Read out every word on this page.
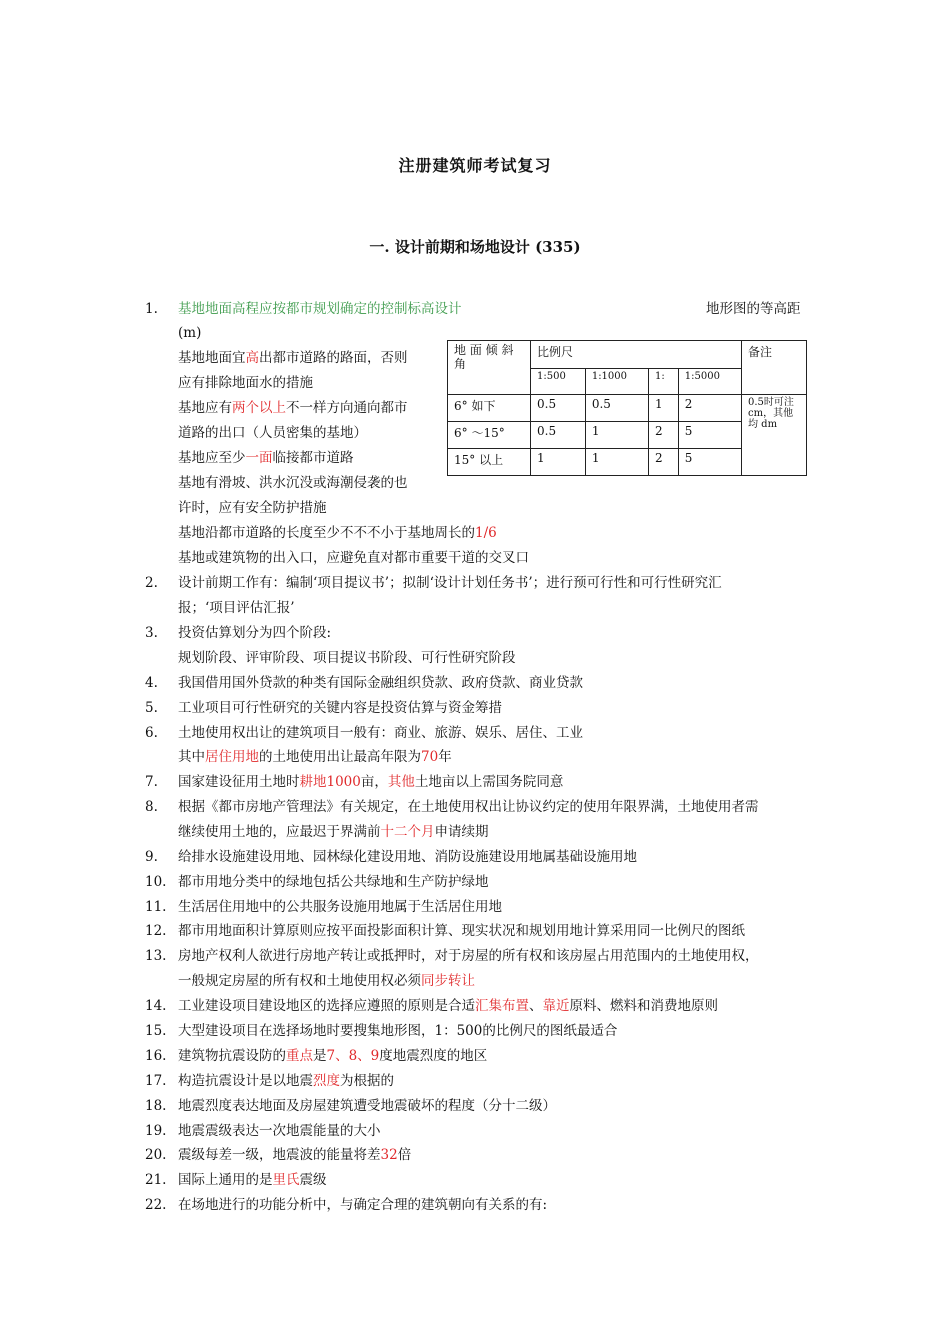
注册建筑师考试复习
一. 设计前期和场地设计 (335)
1. 基地地面高程应按都市规划确定的控制标高设计	地形图的等高距
(m)
基地地面宜高出都市道路的路面，否则
应有排除地面水的措施
基地应有两个以上不一样方向通向都市
道路的出口（人员密集的基地）
基地应至少一面临接都市道路
基地有滑坡、洪水沉没或海潮侵袭的也
许时，应有安全防护措施
基地沿都市道路的长度至少不不不小于基地周长的1/6
基地或建筑物的出入口，应避免直对都市重要干道的交叉口
地 面 倾 斜 角	比例尺				备注
	1:500	1:1000	1:	1:5000	
6° 如下	0.5	0.5	1	2	0.5时可注 cm，其他均 dm
6° ～15°	0.5	1	2	5	
15° 以上	1	1	2	5	
2. 设计前期工作有：编制‘项目提议书’；拟制‘设计计划任务书’；进行预可行性和可行性研究汇
报；‘项目评估汇报’
3. 投资估算划分为四个阶段:
规划阶段、评审阶段、项目提议书阶段、可行性研究阶段
4. 我国借用国外贷款的种类有国际金融组织贷款、政府贷款、商业贷款
5. 工业项目可行性研究的关键内容是投资估算与资金筹措
6. 土地使用权出让的建筑项目一般有：商业、旅游、娱乐、居住、工业
其中居住用地的土地使用出让最高年限为70年
7. 国家建设征用土地时耕地1000亩，其他土地亩以上需国务院同意
8. 根据《都市房地产管理法》有关规定，在土地使用权出让协议约定的使用年限界满，土地使用者需
继续使用土地的，应最迟于界满前十二个月申请续期
9. 给排水设施建设用地、园林绿化建设用地、消防设施建设用地属基础设施用地
10. 都市用地分类中的绿地包括公共绿地和生产防护绿地
11. 生活居住用地中的公共服务设施用地属于生活居住用地
12. 都市用地面积计算原则应按平面投影面积计算、现实状况和规划用地计算采用同一比例尺的图纸
13. 房地产权利人欲进行房地产转让或抵押时，对于房屋的所有权和该房屋占用范围内的土地使用权，
一般规定房屋的所有权和土地使用权必须同步转让
14. 工业建设项目建设地区的选择应遵照的原则是合适汇集布置、靠近原料、燃料和消费地原则
15. 大型建设项目在选择场地时要搜集地形图，1：500的比例尺的图纸最适合
16. 建筑物抗震设防的重点是7、8、9度地震烈度的地区
17. 构造抗震设计是以地震烈度为根据的
18. 地震烈度表达地面及房屋建筑遭受地震破坏的程度（分十二级）
19. 地震震级表达一次地震能量的大小
20. 震级每差一级，地震波的能量将差32倍
21. 国际上通用的是里氏震级
22. 在场地进行的功能分析中，与确定合理的建筑朝向有关系的有:
